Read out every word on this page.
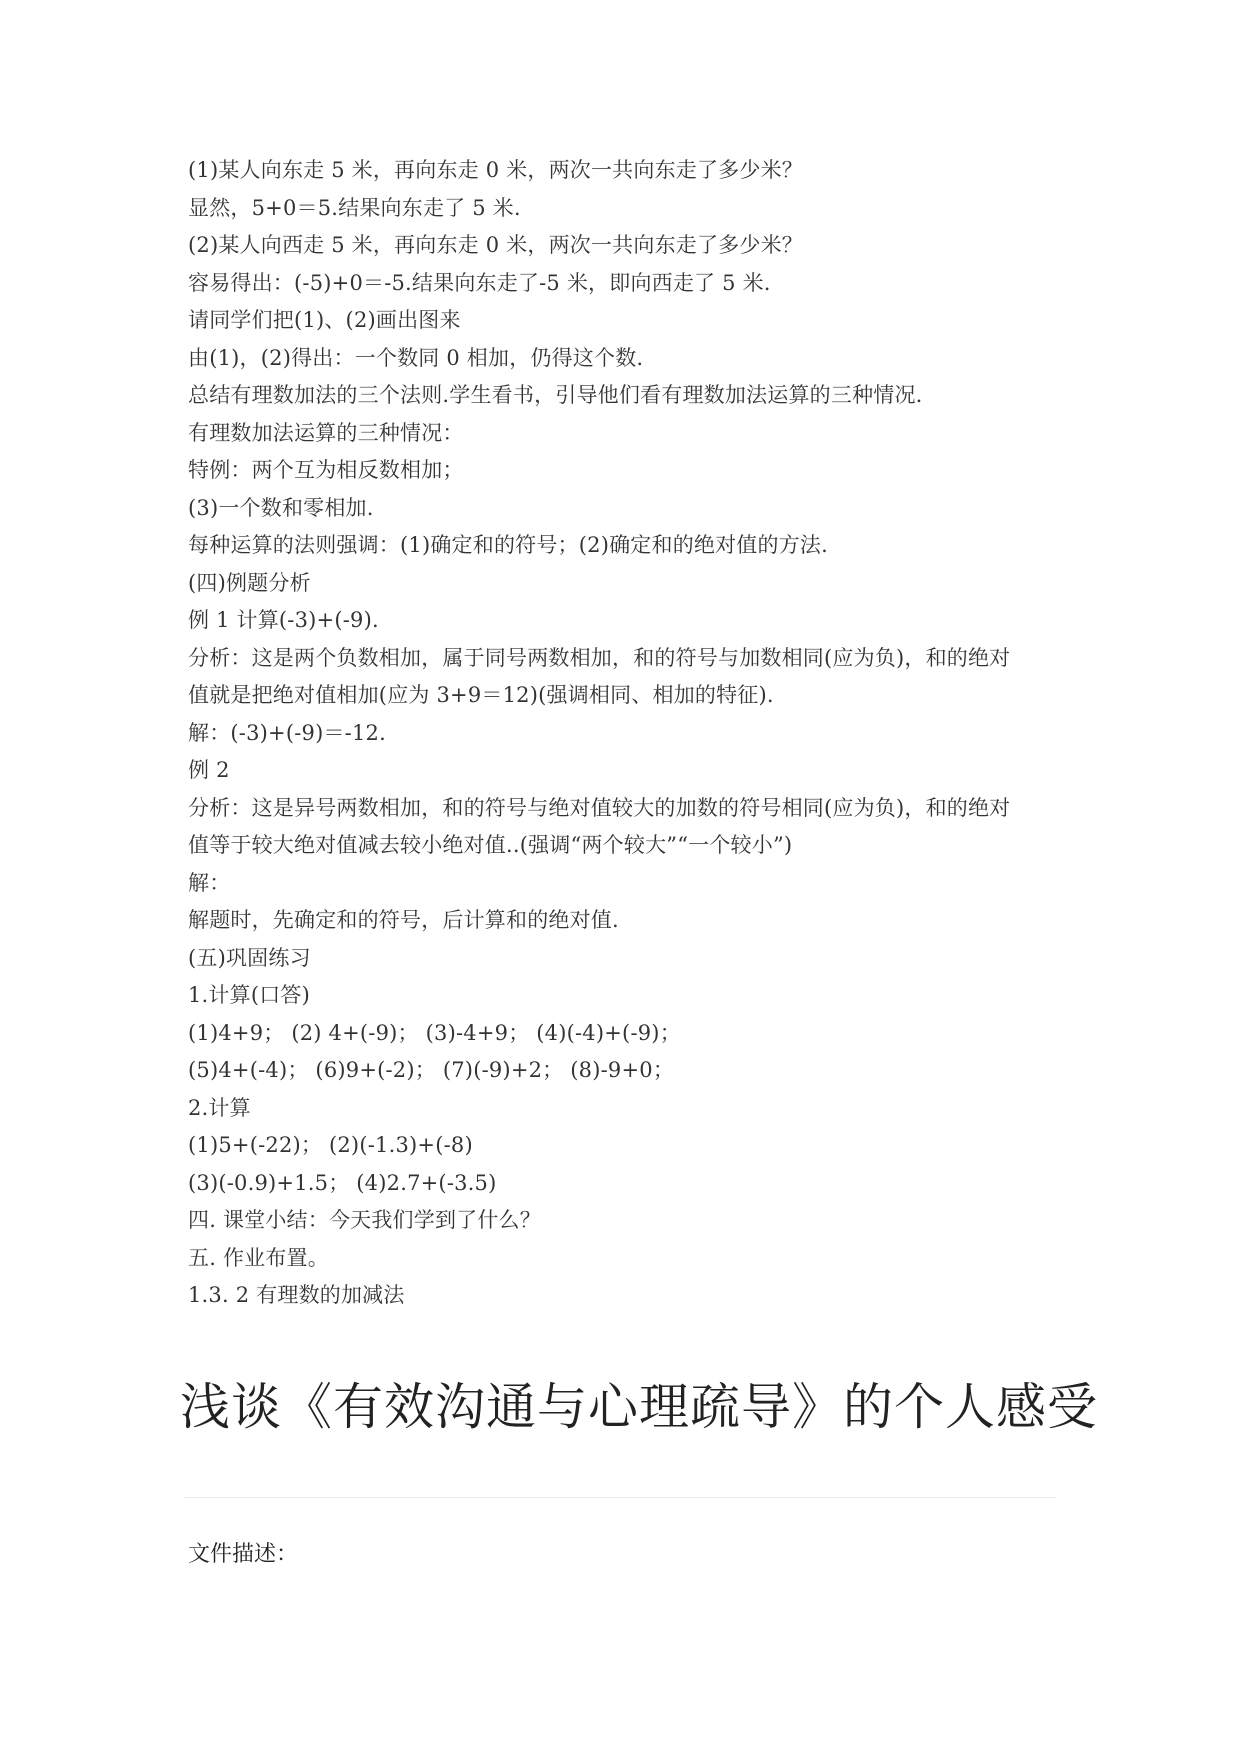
(1)某人向东走 5 米，再向东走 0 米，两次一共向东走了多少米？
显然，5+0＝5.结果向东走了 5 米.
(2)某人向西走 5 米，再向东走 0 米，两次一共向东走了多少米？
容易得出：(-5)+0＝-5.结果向东走了-5 米，即向西走了 5 米.
请同学们把(1)、(2)画出图来
由(1)，(2)得出：一个数同 0 相加，仍得这个数.
总结有理数加法的三个法则.学生看书，引导他们看有理数加法运算的三种情况.
有理数加法运算的三种情况：
特例：两个互为相反数相加；
(3)一个数和零相加.
每种运算的法则强调：(1)确定和的符号；(2)确定和的绝对值的方法.
(四)例题分析
例 1 计算(-3)+(-9).
分析：这是两个负数相加，属于同号两数相加，和的符号与加数相同(应为负)，和的绝对
值就是把绝对值相加(应为 3+9＝12)(强调相同、相加的特征).
解：(-3)+(-9)＝-12.
例 2
分析：这是异号两数相加，和的符号与绝对值较大的加数的符号相同(应为负)，和的绝对
值等于较大绝对值减去较小绝对值..(强调“两个较大”“一个较小”)
解：
解题时，先确定和的符号，后计算和的绝对值.
(五)巩固练习
1.计算(口答)
(1)4+9； (2) 4+(-9)； (3)-4+9； (4)(-4)+(-9)；
(5)4+(-4)； (6)9+(-2)； (7)(-9)+2； (8)-9+0；
2.计算
(1)5+(-22)； (2)(-1.3)+(-8)
(3)(-0.9)+1.5； (4)2.7+(-3.5)
四. 课堂小结：今天我们学到了什么？
五. 作业布置。
1.3. 2 有理数的加减法
浅谈《有效沟通与心理疏导》的个人感受
文件描述：
